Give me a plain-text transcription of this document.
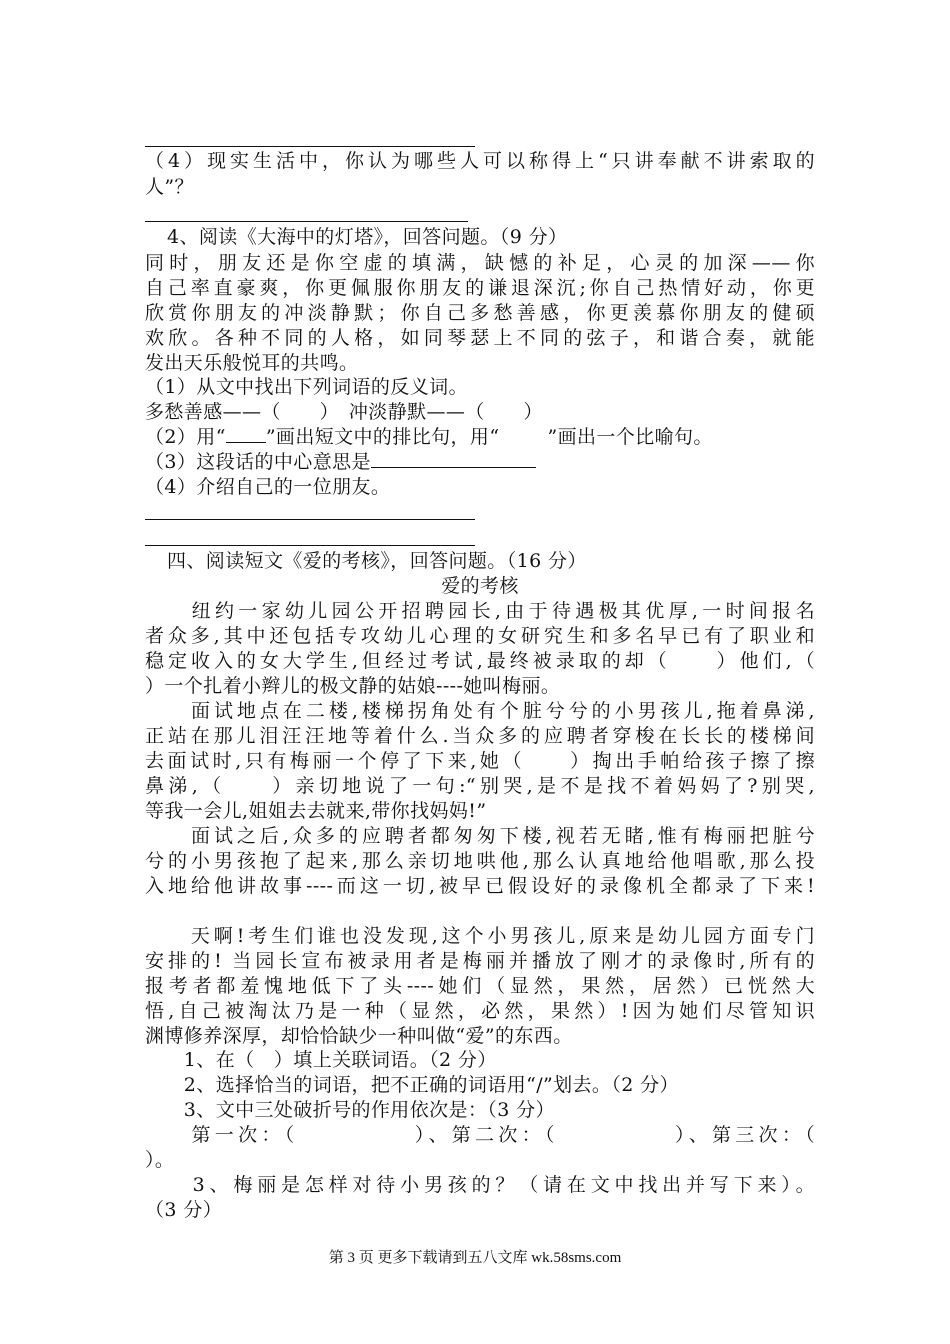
（4）现实生活中，你认为哪些人可以称得上“只讲奉献不讲索取的
人”？
4、阅读《大海中的灯塔》，回答问题。（9 分）
同时，朋友还是你空虚的填满，缺憾的补足，心灵的加深——你
自己率直豪爽，你更佩服你朋友的谦退深沉;你自己热情好动，你更
欣赏你朋友的冲淡静默；你自己多愁善感，你更羡慕你朋友的健硕
欢欣。各种不同的人格，如同琴瑟上不同的弦子，和谐合奏，就能
发出天乐般悦耳的共鸣。
（1）从文中找出下列词语的反义词。
多愁善感——（　　）　冲淡静默——（　　）
（2）用“ ”画出短文中的排比句，用“	”画出一个比喻句。
（3）这段话的中心意思是
（4）介绍自己的一位朋友。
四、阅读短文《爱的考核》，回答问题。（16 分）
爱的考核
　　纽约一家幼儿园公开招聘园长,由于待遇极其优厚,一时间报名
者众多,其中还包括专攻幼儿心理的女研究生和多名早已有了职业和
稳定收入的女大学生,但经过考试,最终被录取的却（　　）他们,（
）一个扎着小辫儿的极文静的姑娘----她叫梅丽。
　　面试地点在二楼,楼梯拐角处有个脏兮兮的小男孩儿,拖着鼻涕,
正站在那儿泪汪汪地等着什么.当众多的应聘者穿梭在长长的楼梯间
去面试时,只有梅丽一个停了下来,她（　　）掏出手帕给孩子擦了擦
鼻涕,（　　）亲切地说了一句:“别哭,是不是找不着妈妈了?别哭,
等我一会儿,姐姐去去就来,带你找妈妈!”
　　面试之后,众多的应聘者都匆匆下楼,视若无睹,惟有梅丽把脏兮
兮的小男孩抱了起来,那么亲切地哄他,那么认真地给他唱歌,那么投
入地给他讲故事----而这一切,被早已假设好的录像机全都录了下来!
　　天啊!考生们谁也没发现,这个小男孩儿,原来是幼儿园方面专门
安排的! 当园长宣布被录用者是梅丽并播放了刚才的录像时,所有的
报考者都羞愧地低下了头----她们（显然，果然，居然）已恍然大
悟,自己被淘汰乃是一种（显然，必然，果然）!因为她们尽管知识
渊博修养深厚，却恰恰缺少一种叫做“爱”的东西。
　　1、在（　）填上关联词语。（2 分）
　　2、选择恰当的词语，把不正确的词语用“/”划去。（2 分）
　　3、文中三处破折号的作用依次是：（3 分）
　　第一次：（　　　　　）、第二次：（　　　　　）、第三次：（
）。
　　3、梅丽是怎样对待小男孩的？（请在文中找出并写下来）。
（3 分）
第 3 页 更多下载请到五八文库 wk.58sms.com
